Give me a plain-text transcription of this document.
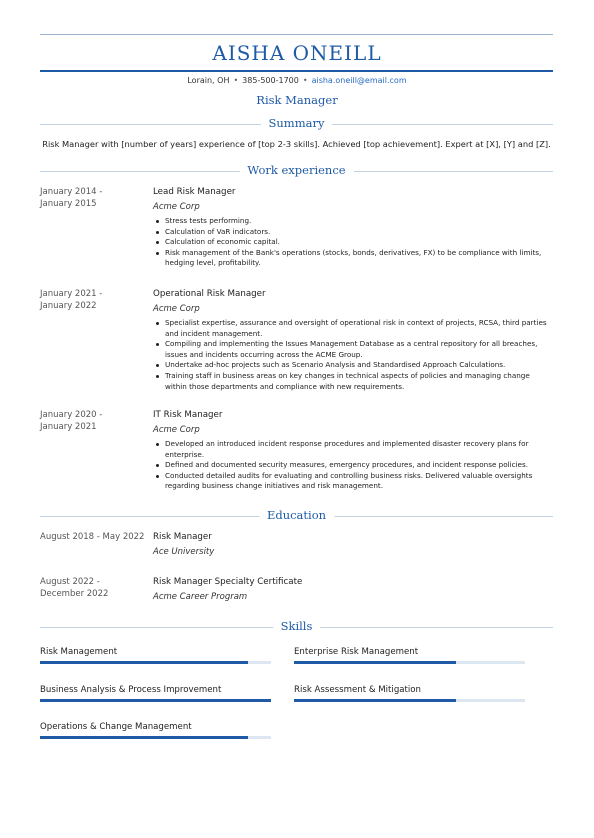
AISHA ONEILL
Lorain, OH • 385-500-1700 • aisha.oneill@email.com
Risk Manager
Summary
Risk Manager with [number of years] experience of [top 2-3 skills]. Achieved [top achievement]. Expert at [X], [Y] and [Z].
Work experience
January 2014 -
January 2015
Lead Risk Manager
Acme Corp
Stress tests performing.
Calculation of VaR indicators.
Calculation of economic capital.
Risk management of the Bank's operations (stocks, bonds, derivatives, FX) to be compliance with limits, hedging level, profitability.
January 2021 -
January 2022
Operational Risk Manager
Acme Corp
Specialist expertise, assurance and oversight of operational risk in context of projects, RCSA, third parties and incident management.
Compiling and implementing the Issues Management Database as a central repository for all breaches, issues and incidents occurring across the ACME Group.
Undertake ad-hoc projects such as Scenario Analysis and Standardised Approach Calculations.
Training staff in business areas on key changes in technical aspects of policies and managing change within those departments and compliance with new requirements.
January 2020 -
January 2021
IT Risk Manager
Acme Corp
Developed an introduced incident response procedures and implemented disaster recovery plans for enterprise.
Defined and documented security measures, emergency procedures, and incident response policies.
Conducted detailed audits for evaluating and controlling business risks. Delivered valuable oversights regarding business change initiatives and risk management.
Education
August 2018 - May 2022 Risk Manager
Ace University
August 2022 -
December 2022
Risk Manager Specialty Certificate
Acme Career Program
Skills
Risk Management	Enterprise Risk Management
Business Analysis & Process Improvement	Risk Assessment & Mitigation
Operations & Change Management
